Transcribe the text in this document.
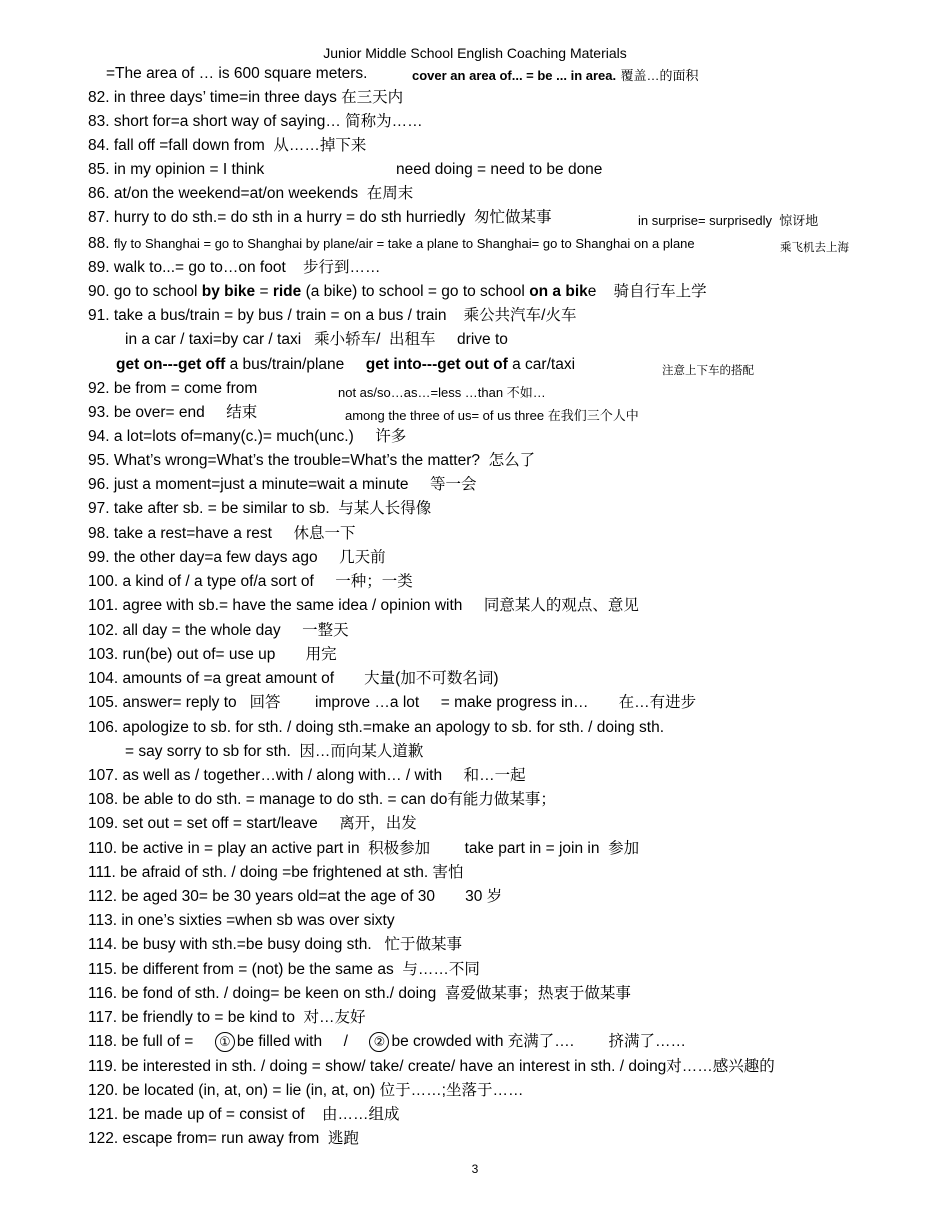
Junior Middle School English Coaching Materials
=The area of … is 600 square meters.	cover an area of... = be ... in area. 覆盖…的面积
82. in three days’ time=in three days 在三天内
83. short for=a short way of saying… 简称为……
84. fall off =fall down from  从……掉下来
85. in my opinion = I think	need doing = need to be done
86. at/on the weekend=at/on weekends  在周末
87. hurry to do sth.= do sth in a hurry = do sth hurriedly  匆忙做某事	in surprise= surprisedly  惊讶地
88. fly to Shanghai = go to Shanghai by plane/air = take a plane to Shanghai= go to Shanghai on a plane	乘飞机去上海
89. walk to...= go to…on foot    步行到……
90. go to school by bike = ride (a bike) to school = go to school on a bike    骑自行车上学
91. take a bus/train = by bus / train = on a bus / train    乘公共汽车/火车
in a car / taxi=by car / taxi   乘小轿车/  出租车     drive to
get on---get off a bus/train/plane     get into---get out of a car/taxi	注意上下车的搭配
92. be from = come from	not as/so…as…=less …than 不如…
93. be over= end     结束	among the three of us= of us three 在我们三个人中
94. a lot=lots of=many(c.)= much(unc.)     许多
95. What’s wrong=What’s the trouble=What’s the matter?  怎么了
96. just a moment=just a minute=wait a minute     等一会
97. take after sb. = be similar to sb.  与某人长得像
98. take a rest=have a rest     休息一下
99. the other day=a few days ago     几天前
100. a kind of / a type of/a sort of     一种；一类
101. agree with sb.= have the same idea / opinion with     同意某人的观点、意见
102. all day = the whole day     一整天
103. run(be) out of= use up       用完
104. amounts of =a great amount of       大量(加不可数名词)
105. answer= reply to   回答        improve …a lot     = make progress in…       在…有进步
106. apologize to sb. for sth. / doing sth.=make an apology to sb. for sth. / doing sth.
= say sorry to sb for sth.  因…而向某人道歉
107. as well as / together…with / along with… / with     和…一起
108. be able to do sth. = manage to do sth. = can do有能力做某事；
109. set out = set off = start/leave     离开，出发
110. be active in = play an active part in  积极参加        take part in = join in  参加
111. be afraid of sth. / doing =be frightened at sth. 害怕
112. be aged 30= be 30 years old=at the age of 30       30 岁
113. in one’s sixties =when sb was over sixty
114. be busy with sth.=be busy doing sth.   忙于做某事
115. be different from = (not) be the same as  与……不同
116. be fond of sth. / doing= be keen on sth./ doing  喜爱做某事；热衷于做某事
117. be friendly to = be kind to  对…友好
118. be full of =     ① be filled with     /     ② be crowded with 充满了….        挤满了……
119. be interested in sth. / doing = show/ take/ create/ have an interest in sth. / doing对……感兴趣的
120. be located (in, at, on) = lie (in, at, on) 位于……;坐落于……
121. be made up of = consist of    由……组成
122. escape from= run away from  逃跑
3
